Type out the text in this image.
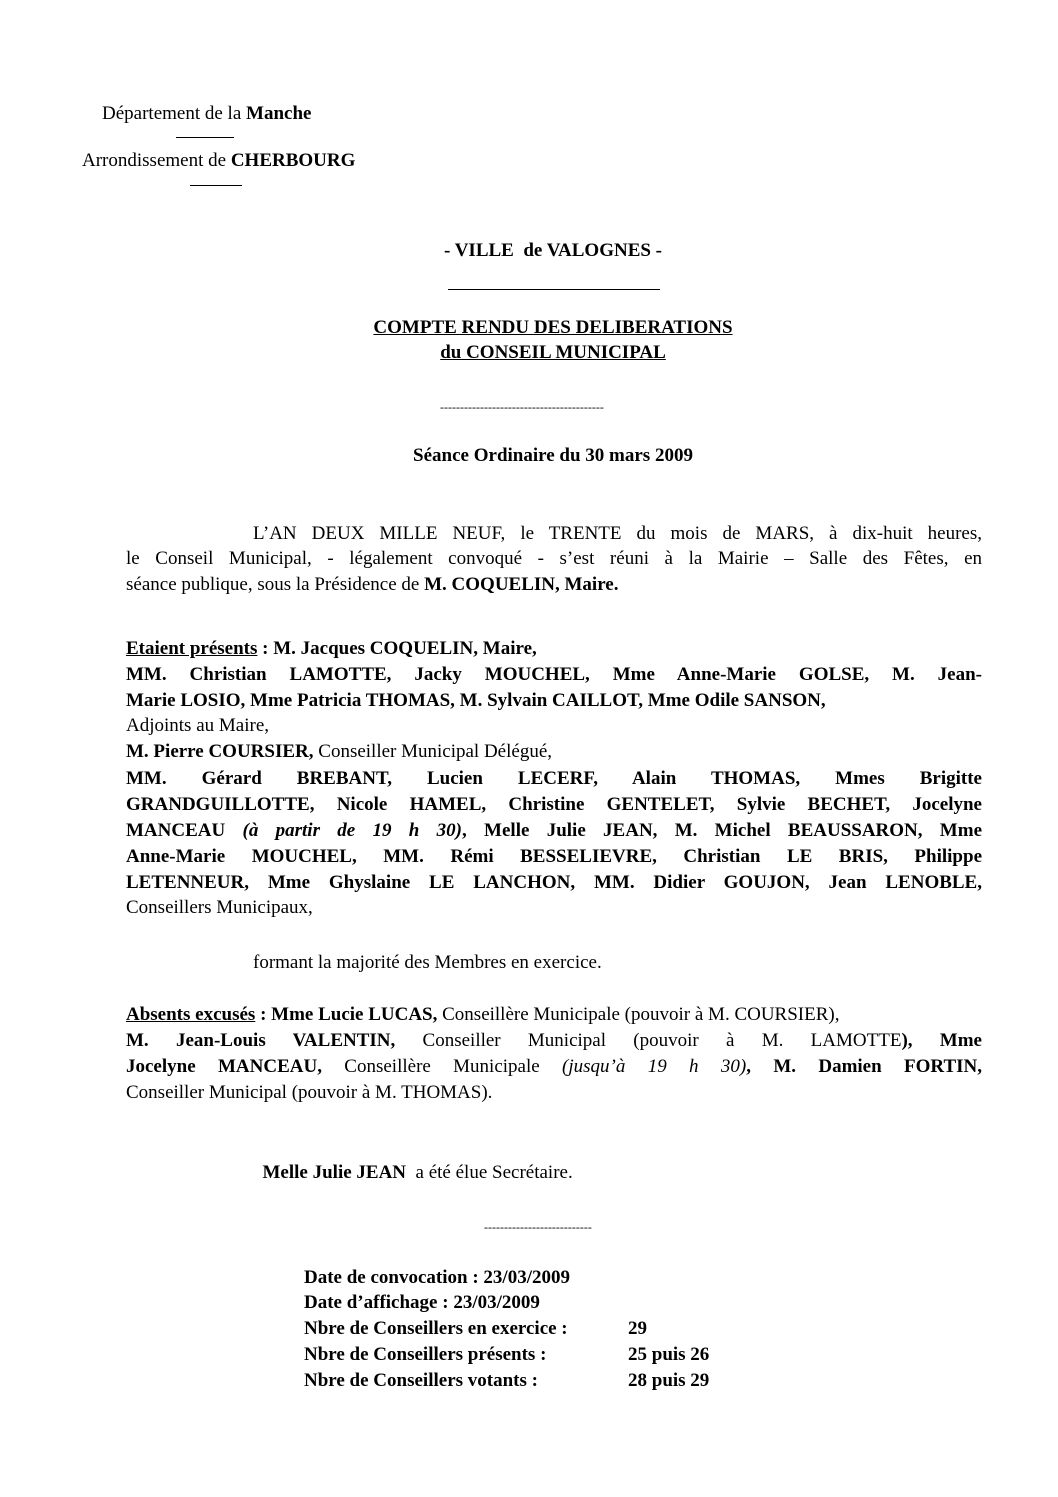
Département de la Manche
Arrondissement de CHERBOURG
- VILLE  de VALOGNES -
COMPTE RENDU DES DELIBERATIONS
du CONSEIL MUNICIPAL
-----------------------------------------
Séance Ordinaire du 30 mars 2009
L’AN DEUX MILLE NEUF, le TRENTE du mois de MARS, à dix-huit heures,
le Conseil Municipal, - légalement convoqué - s’est réuni à la Mairie – Salle des Fêtes, en
séance publique, sous la Présidence de M. COQUELIN, Maire.
Etaient présents : M. Jacques COQUELIN, Maire,
MM. Christian LAMOTTE, Jacky MOUCHEL, Mme Anne-Marie GOLSE, M. Jean-
Marie LOSIO, Mme Patricia THOMAS, M. Sylvain CAILLOT, Mme Odile SANSON,
Adjoints au Maire,
M. Pierre COURSIER, Conseiller Municipal Délégué,
MM. Gérard BREBANT, Lucien LECERF, Alain THOMAS, Mmes Brigitte
GRANDGUILLOTTE, Nicole HAMEL, Christine GENTELET, Sylvie BECHET, Jocelyne
MANCEAU (à partir de 19 h 30), Melle Julie JEAN, M. Michel BEAUSSARON, Mme
Anne-Marie MOUCHEL, MM. Rémi BESSELIEVRE, Christian LE BRIS, Philippe
LETENNEUR, Mme Ghyslaine LE LANCHON, MM. Didier GOUJON, Jean LENOBLE,
Conseillers Municipaux,
formant la majorité des Membres en exercice.
Absents excusés : Mme Lucie LUCAS, Conseillère Municipale (pouvoir à M. COURSIER),
M. Jean-Louis VALENTIN, Conseiller Municipal (pouvoir à M. LAMOTTE), Mme
Jocelyne MANCEAU, Conseillère Municipale (jusqu’à 19 h 30), M. Damien FORTIN,
Conseiller Municipal (pouvoir à M. THOMAS).

Melle Julie JEAN  a été élue Secrétaire.

---------------------------
Date de convocation : 23/03/2009
Date d’affichage : 23/03/2009
Nbre de Conseillers en exercice :	29
Nbre de Conseillers présents :	25 puis 26
Nbre de Conseillers votants :	28 puis 29
